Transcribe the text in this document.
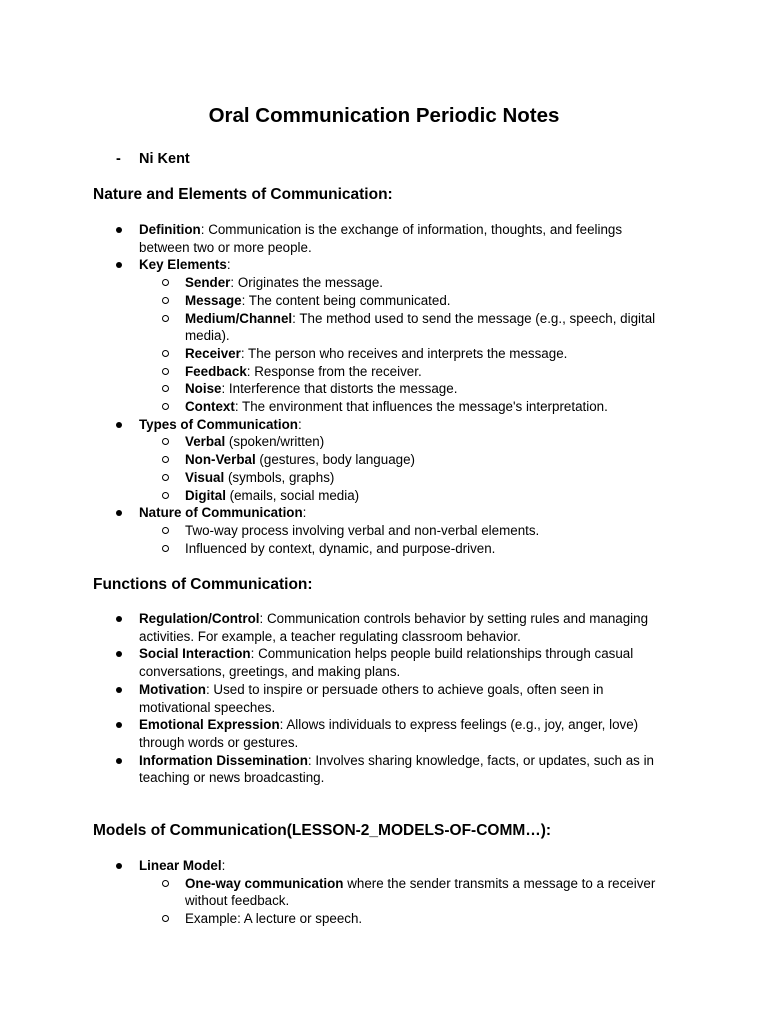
Oral Communication Periodic Notes
- Ni Kent
Nature and Elements of Communication:
Definition: Communication is the exchange of information, thoughts, and feelings between two or more people.
Key Elements:
Sender: Originates the message.
Message: The content being communicated.
Medium/Channel: The method used to send the message (e.g., speech, digital media).
Receiver: The person who receives and interprets the message.
Feedback: Response from the receiver.
Noise: Interference that distorts the message.
Context: The environment that influences the message's interpretation.
Types of Communication:
Verbal (spoken/written)
Non-Verbal (gestures, body language)
Visual (symbols, graphs)
Digital (emails, social media)
Nature of Communication:
Two-way process involving verbal and non-verbal elements.
Influenced by context, dynamic, and purpose-driven.
Functions of Communication:
Regulation/Control: Communication controls behavior by setting rules and managing activities. For example, a teacher regulating classroom behavior.
Social Interaction: Communication helps people build relationships through casual conversations, greetings, and making plans.
Motivation: Used to inspire or persuade others to achieve goals, often seen in motivational speeches.
Emotional Expression: Allows individuals to express feelings (e.g., joy, anger, love) through words or gestures.
Information Dissemination: Involves sharing knowledge, facts, or updates, such as in teaching or news broadcasting.
Models of Communication(LESSON-2_MODELS-OF-COMM…):
Linear Model:
One-way communication where the sender transmits a message to a receiver without feedback.
Example: A lecture or speech.
